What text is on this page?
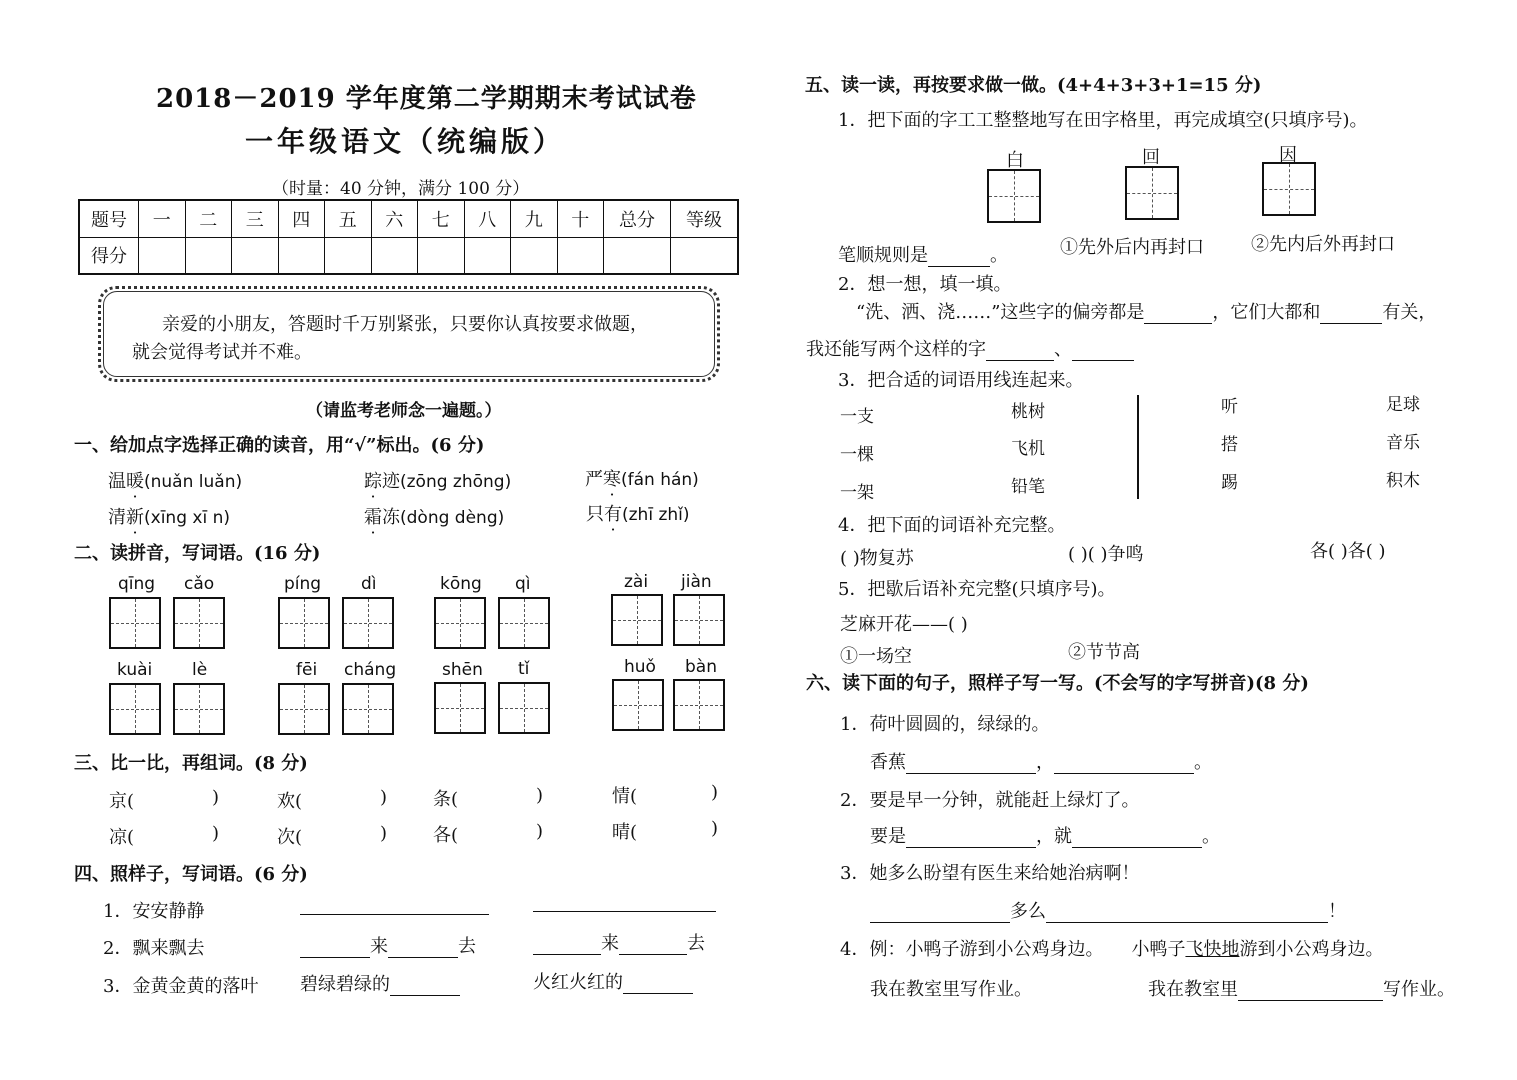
2018－2019 学年度第二学期期末考试试卷
一年级语文（统编版）
（时量：40 分钟，满分 100 分）
题号	一	二	三	四	五	六	七	八	九	十	总分	等级
得分												
亲爱的小朋友，答题时千万别紧张，只要你认真按要求做题，
就会觉得考试并不难。
（请监考老师念一遍题。）
一、给加点字选择正确的读音，用“√”标出。(6 分)
温暖(nuǎn luǎn)	踪迹(zōng zhōng)	严寒(fán hán)
清新(xīng xī n)	霜冻(dòng dèng)	只有(zhī zhǐ)
二、读拼音，写词语。(16 分)
qīng cǎo	píng dì	kōng qì	zài jiàn
kuài lè	fēi cháng	shēn tǐ	huǒ bàn
三、比一比，再组词。(8 分)
京(	)	欢(	)	条(	)	情(	)
凉(	)	次(	)	各(	)	晴(	)
四、照样子，写词语。(6 分)
1．安安静静
2．飘来飘去	来	去	来	去
3．金黄金黄的落叶 碧绿碧绿的	火红火红的
五、读一读，再按要求做一做。(4+4+3+3+1=15 分)
1．把下面的字工工整整地写在田字格里，再完成填空(只填序号)。
白	回	因
笔顺规则是	。	①先外后内再封口	②先内后外再封口
2．想一想，填一填。
“洗、洒、浇……”这些字的偏旁都是	，它们大都和	有关，
我还能写两个这样的字	、
3．把合适的词语用线连起来。
一支
一棵
一架
桃树
飞机
铅笔
听
搭
踢
足球
音乐
积木
4．把下面的词语补充完整。
( )物复苏	( )( )争鸣	各( )各( )
5．把歇后语补充完整(只填序号)。
芝麻开花——( )
①一场空	②节节高
六、读下面的句子，照样子写一写。(不会写的字写拼音)(8 分)
1．荷叶圆圆的，绿绿的。
香蕉	，	。
2．要是早一分钟，就能赶上绿灯了。
要是	，就	。
3．她多么盼望有医生来给她治病啊！
多么	！
4．例：小鸭子游到小公鸡身边。 小鸭子飞快地游到小公鸡身边。
我在教室里写作业。	我在教室里	写作业。
